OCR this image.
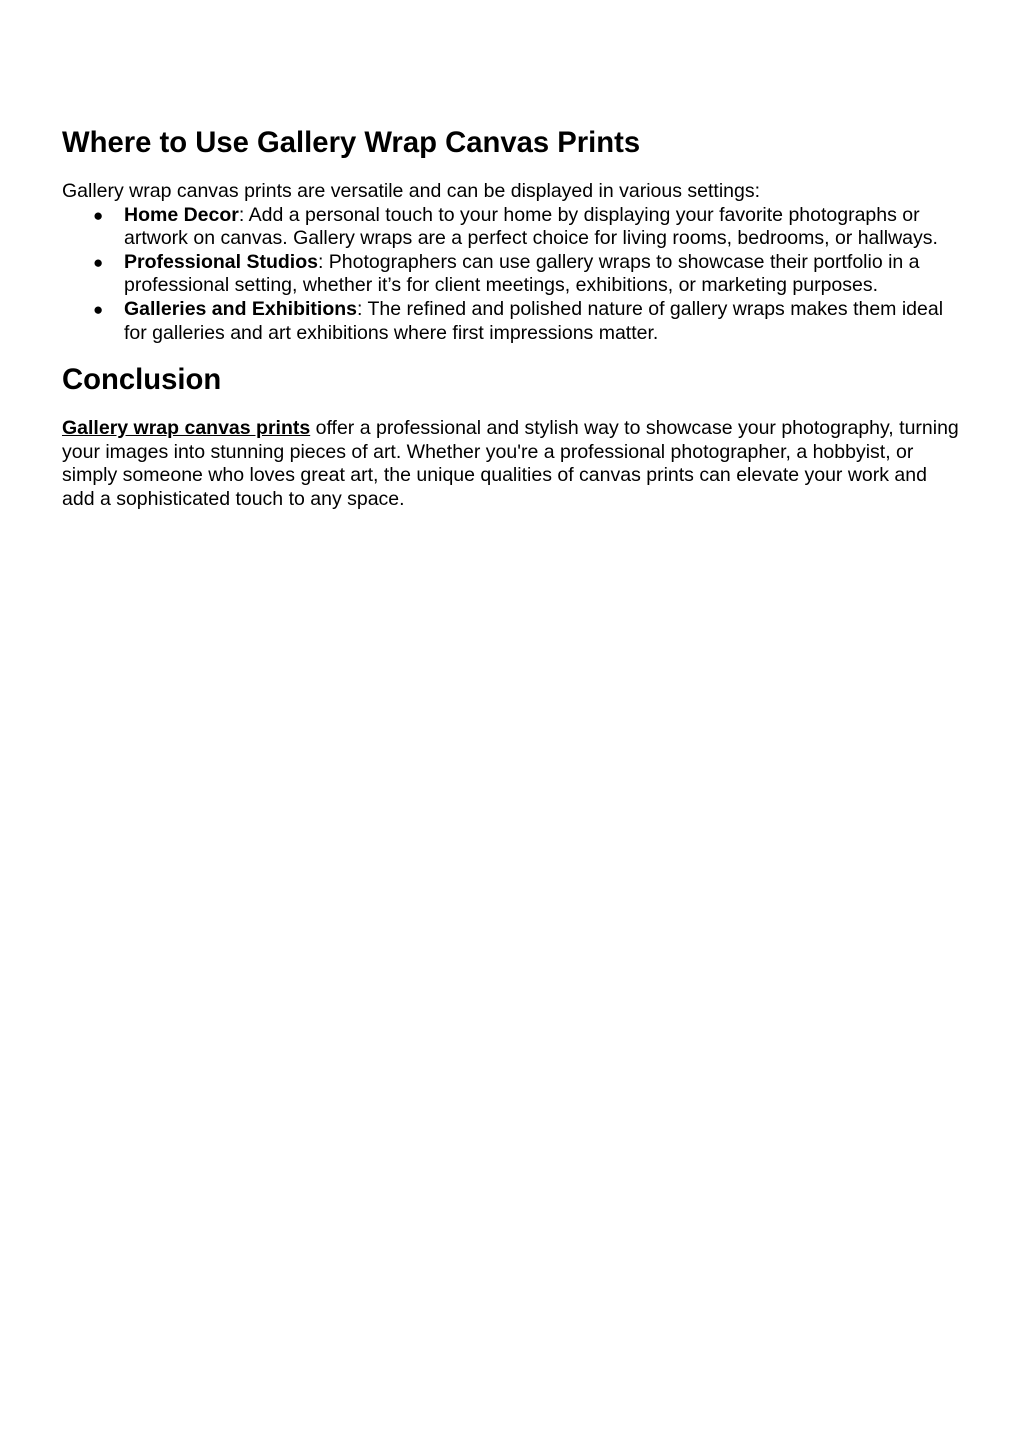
Where to Use Gallery Wrap Canvas Prints

Gallery wrap canvas prints are versatile and can be displayed in various settings:

● Home Decor: Add a personal touch to your home by displaying your favorite photographs or artwork on canvas. Gallery wraps are a perfect choice for living rooms, bedrooms, or hallways.
● Professional Studios: Photographers can use gallery wraps to showcase their portfolio in a professional setting, whether it’s for client meetings, exhibitions, or marketing purposes.
● Galleries and Exhibitions: The refined and polished nature of gallery wraps makes them ideal for galleries and art exhibitions where first impressions matter.
Conclusion

Gallery wrap canvas prints offer a professional and stylish way to showcase your photography, turning your images into stunning pieces of art. Whether you're a professional photographer, a hobbyist, or simply someone who loves great art, the unique qualities of canvas prints can elevate your work and add a sophisticated touch to any space.
